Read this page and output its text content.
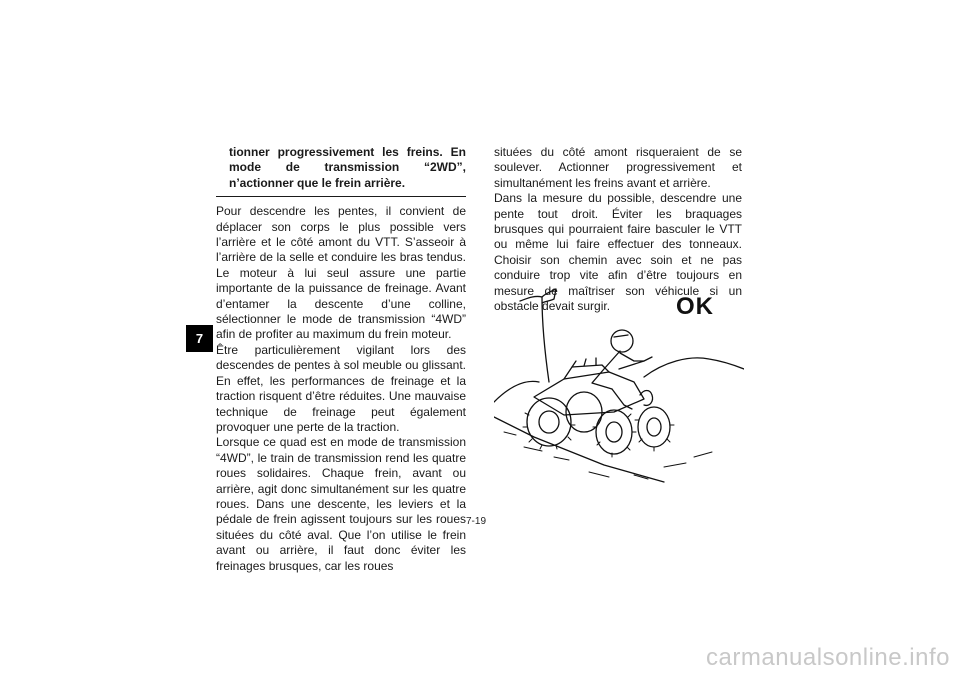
7

tionner progressivement les freins. En mode de transmission “2WD”, n’actionner que le frein arrière.

Pour descendre les pentes, il convient de déplacer son corps le plus possible vers l’arrière et le côté amont du VTT. S’asseoir à l’arrière de la selle et conduire les bras tendus. Le moteur à lui seul assure une partie importante de la puissance de freinage. Avant d’entamer la descente d’une colline, sélectionner le mode de transmission “4WD” afin de profiter au maximum du frein moteur.

Être particulièrement vigilant lors des descendes de pentes à sol meuble ou glissant. En effet, les performances de freinage et la traction risquent d’être réduites. Une mauvaise technique de freinage peut également provoquer une perte de la traction.

Lorsque ce quad est en mode de transmission “4WD”, le train de transmission rend les quatre roues solidaires. Chaque frein, avant ou arrière, agit donc simultanément sur les quatre roues. Dans une descente, les leviers et la pédale de frein agissent toujours sur les roues situées du côté aval. Que l’on utilise le frein avant ou arrière, il faut donc éviter les freinages brusques, car les roues

situées du côté amont risqueraient de se soulever. Actionner progressivement et simultanément les freins avant et arrière.

Dans la mesure du possible, descendre une pente tout droit. Éviter les braquages brusques qui pourraient faire basculer le VTT ou même lui faire effectuer des tonneaux. Choisir son chemin avec soin et ne pas conduire trop vite afin d’être toujours en mesure de maîtriser son véhicule si un obstacle devait surgir.	OK
7-19
carmanualsonline.info
